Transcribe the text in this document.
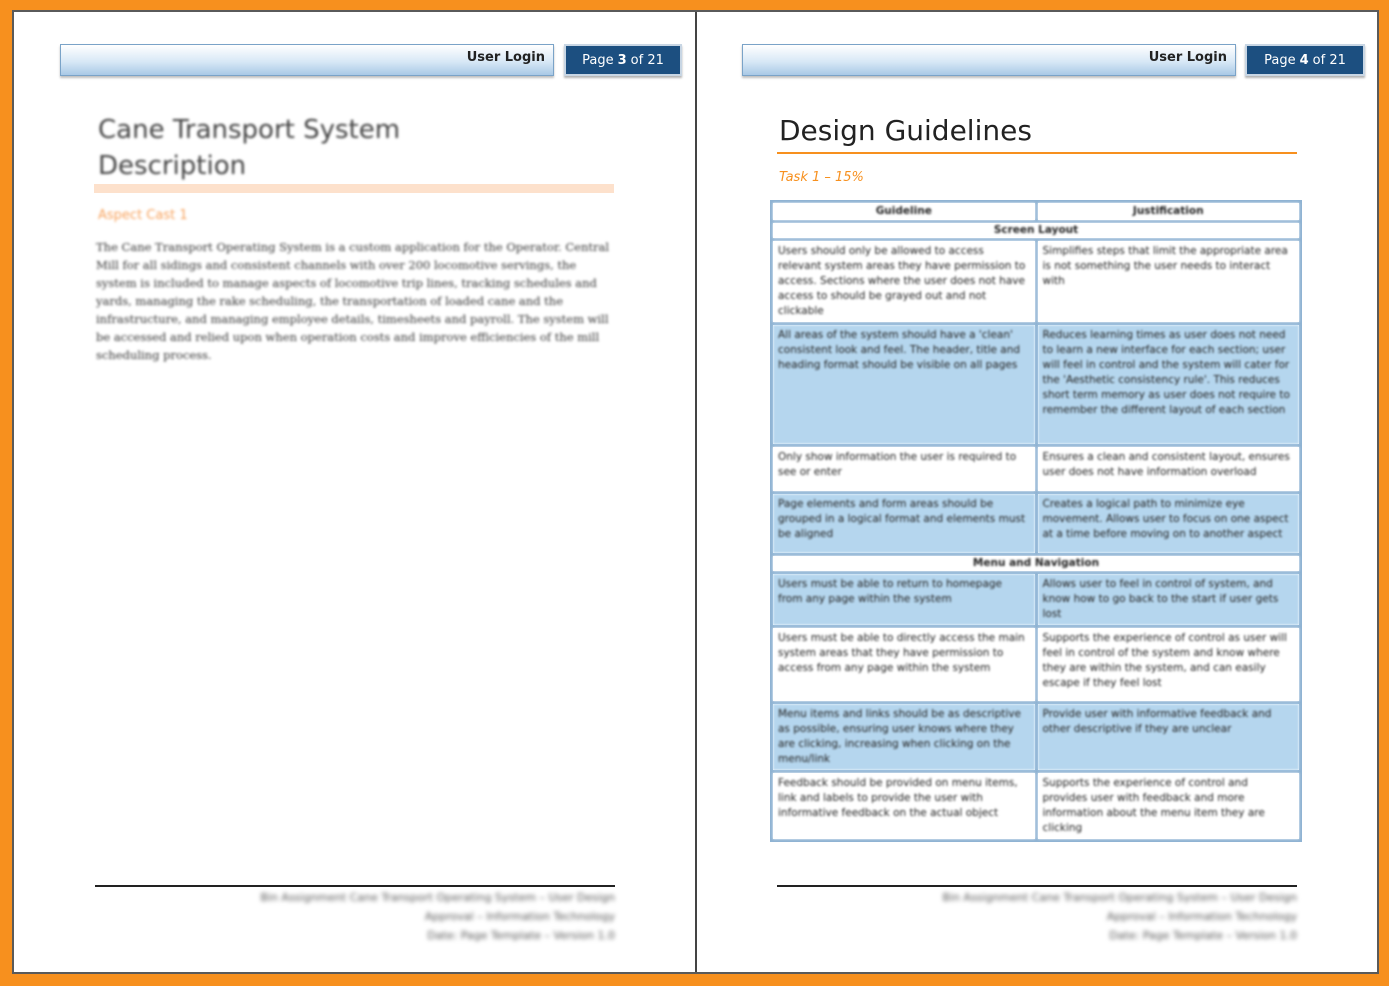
User Login	Page 3 of 21
Cane Transport System Description
Aspect Cast 1
The Cane Transport Operating System is a custom application for the Operator. Central Mill for all sidings and consistent channels with over 200 locomotive servings, the system is included to manage aspects of locomotive trip lines, tracking schedules and yards, managing the rake scheduling, the transportation of loaded cane and the infrastructure, and managing employee details, timesheets and payroll. The system will be accessed and relied upon when operation costs and improve efficiencies of the mill scheduling process.
Bin Assignment Cane Transport Operating System – User Design
Approval – Information Technology
Date: Page Template – Version 1.0
User Login	Page 4 of 21
Design Guidelines
Task 1 – 15%
Guideline	Justification
Screen Layout	
Users should only be allowed to access relevant system areas they have permission to access. Sections where the user does not have access to should be grayed out and not clickable	Simplifies steps that limit the appropriate area is not something the user needs to interact with
All areas of the system should have a 'clean' consistent look and feel. The header, title and heading format should be visible on all pages	Reduces learning times as user does not need to learn a new interface for each section; user will feel in control and the system will cater for the 'Aesthetic consistency rule'. This reduces short term memory as user does not require to remember the different layout of each section
Only show information the user is required to see or enter	Ensures a clean and consistent layout, ensures user does not have information overload
Page elements and form areas should be grouped in a logical format and elements must be aligned	Creates a logical path to minimize eye movement. Allows user to focus on one aspect at a time before moving on to another aspect
Menu and Navigation	
Users must be able to return to homepage from any page within the system	Allows user to feel in control of system, and know how to go back to the start if user gets lost
Users must be able to directly access the main system areas that they have permission to access from any page within the system	Supports the experience of control as user will feel in control of the system and know where they are within the system, and can easily escape if they feel lost
Menu items and links should be as descriptive as possible, ensuring user knows where they are clicking, increasing when clicking on the menu/link	Provide user with informative feedback and other descriptive if they are unclear
Feedback should be provided on menu items, link and labels to provide the user with informative feedback on the actual object	Supports the experience of control and provides user with feedback and more information about the menu item they are clicking
Bin Assignment Cane Transport Operating System – User Design
Approval – Information Technology
Date: Page Template – Version 1.0
